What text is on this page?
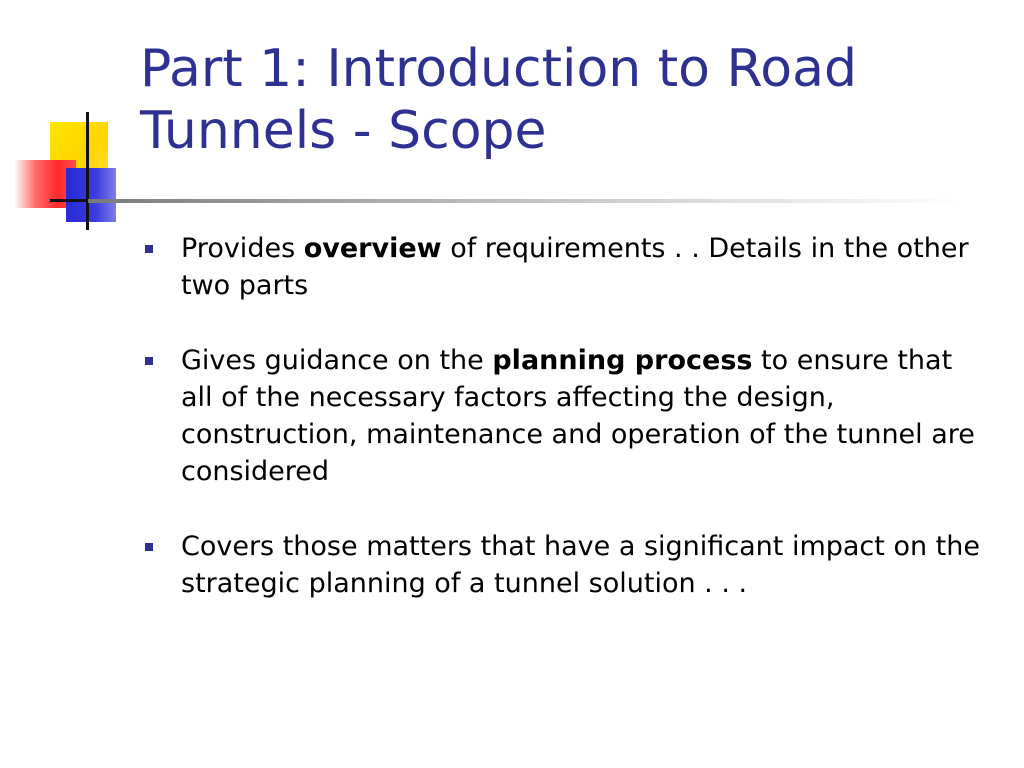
Part 1: Introduction to Road Tunnels - Scope
Provides overview of requirements . . Details in the other two parts
Gives guidance on the planning process to ensure that all of the necessary factors affecting the design, construction, maintenance and operation of the tunnel are considered
Covers those matters that have a significant impact on the strategic planning of a tunnel solution . . .
